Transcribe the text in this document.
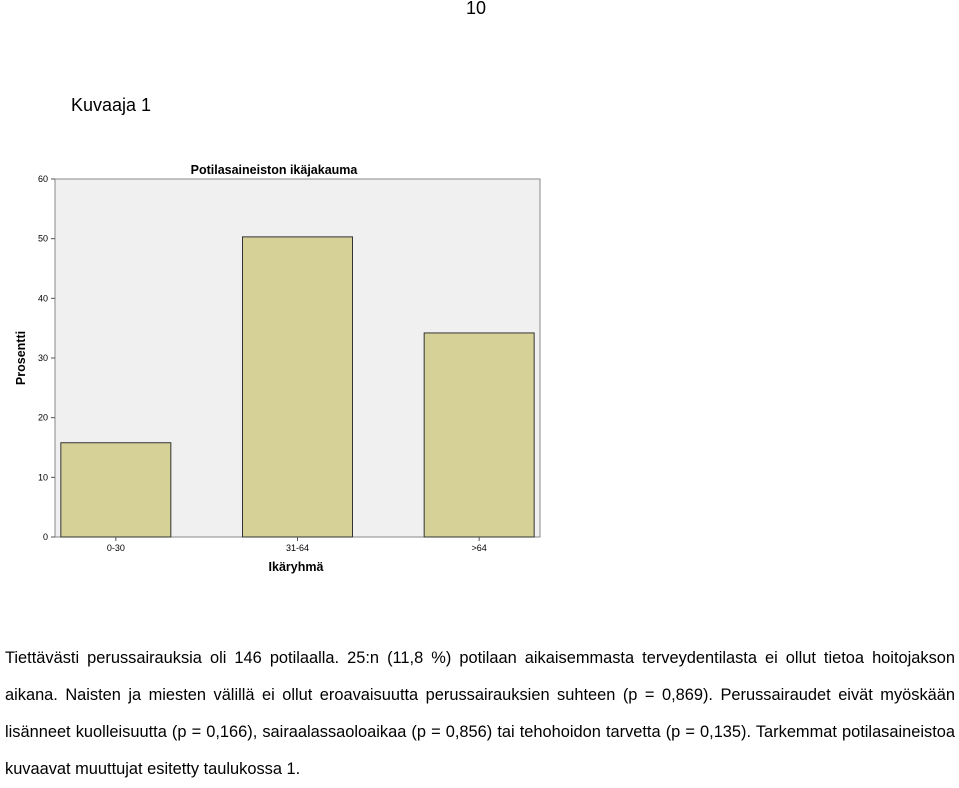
10
Kuvaaja 1
Potilasaineiston ikäjakauma
0
10
20
30
40
50
60
0-30	31-64	>64
Prosentti
Ikäryhmä

Tiettävästi perussairauksia oli 146 potilaalla. 25:n (11,8 %) potilaan aikaisemmasta terveydentilasta ei ollut tietoa hoitojakson aikana. Naisten ja miesten välillä ei ollut eroavaisuutta perussairauksien suhteen (p = 0,869). Perussairaudet eivät myöskään lisänneet kuolleisuutta (p = 0,166), sairaalassaoloaikaa (p = 0,856) tai tehohoidon tarvetta (p = 0,135). Tarkemmat potilasaineistoa kuvaavat muuttujat esitetty taulukossa 1.
